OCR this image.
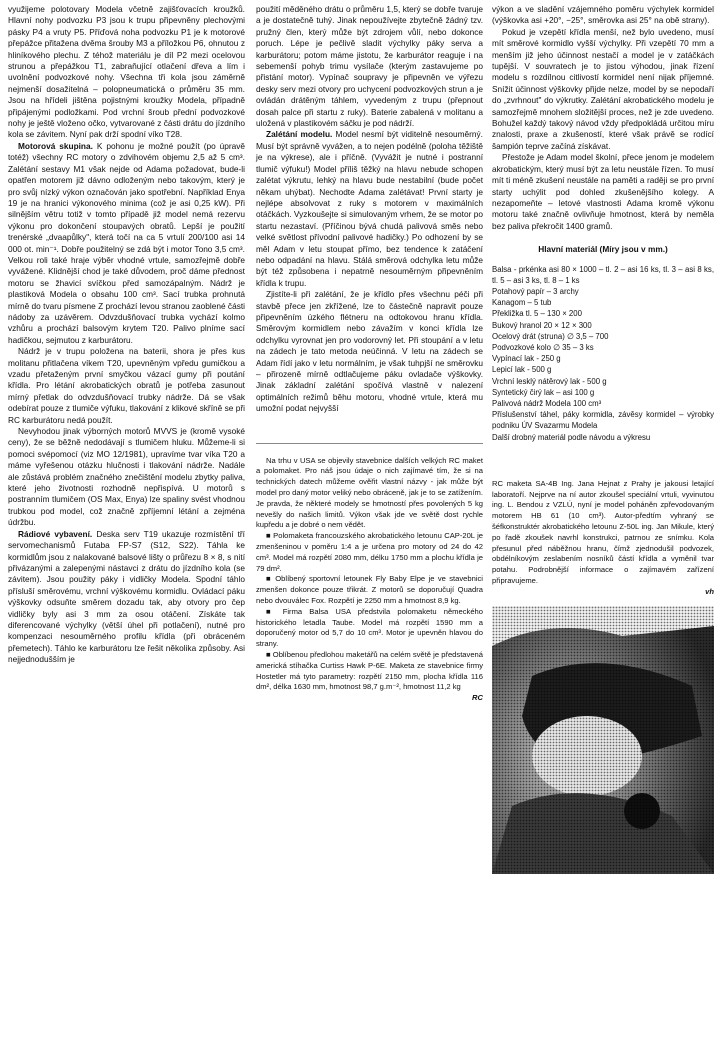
využijeme polotovary Modela včetně zajišťovacích kroužků. Hlavní nohy podvozku P3 jsou k trupu připevněny plechovými pásky P4 a vruty P5. Příďová noha podvozku P1 je k motorové přepážce přitažena dvěma šrouby M3 a příložkou P6, ohnutou z hliníkového plechu. Z téhož materiálu je díl P2 mezi ocelovou strunou a přepážkou T1, zabraňující otlačení dřeva a lím i uvolnění podvozkové nohy. Všechna tři kola jsou záměrně nejmenší dosažitelná – polopneumatická o průměru 35 mm. Jsou na hřídeli jištěna pojistnými kroužky Modela, případně připájenými podložkami. Pod vrchní šroub přední podvozkové nohy je ještě vloženo očko, vytvarované z části drátu do jízdního kola se závitem. Nyní pak drží spodní víko T28.

Motorová skupina. K pohonu je možné použít (po úpravě totéž) všechny RC motory o zdvihovém objemu 2,5 až 5 cm³. Zalétání sestavy M1 však nejde od Adama požadovat, bude-li opatřen motorem již dávno odloženým nebo takovým, který je pro svůj nízký výkon označován jako spotřební. Například Enya 19 je na hranici výkonového minima (což je asi 0,25 kW). Při silnějším větru totiž v tomto případě již model nemá rezervu výkonu pro dokončení stoupavých obratů. Lepší je použití trenérské „dvaapůlky", která točí na ca 5 vrtulí 200/100 asi 14 000 ot. min⁻¹. Dobře použitelný se zdá být i motor Tono 3,5 cm³. Velkou roli také hraje výběr vhodné vrtule, samozřejmě dobře vyvážené. Klidnější chod je také důvodem, proč dáme přednost motoru se žhavicí svíčkou před samozápalným. Nádrž je plastiková Modela o obsahu 100 cm³. Sací trubka prohnutá mírně do tvaru písmene Z prochází levou stranou zaoblené části nádoby za uzávěrem. Odvzdušňovací trubka vychází kolmo vzhůru a prochází balsovým krytem T20. Palivo plníme sací hadičkou, sejmutou z karburátoru.

Nádrž je v trupu položena na baterii, shora je přes kus molitanu přitlačena víkem T20, upevněným vpředu gumičkou a vzadu přetaženým první smyčkou vázací gumy při poutání křídla. Pro létání akrobatických obratů je potřeba zasunout mírný přetlak do odvzdušňovací trubky nádrže. Dá se však odebírat pouze z tlumiče výfuku, tlakování z klikové skříně se při RC karburátoru nedá použít.

Nevyhodou jinak výborných motorů MVVS je (kromě vysoké ceny), že se běžně nedodávají s tlumičem hluku. Můžeme-li si pomoci svépomocí (viz MO 12/1981), upravíme tvar víka T20 a máme vyřešenou otázku hlučnosti i tlakování nádrže. Nadále ale zůstává problém značného znečištění modelu zbytky paliva, které jeho životnosti rozhodně nepřispívá. U motorů s postranním tlumičem (OS Max, Enya) lze spaliny svést vhodnou trubkou pod model, což značně zpříjemní létání a zejména údržbu.

Rádiové vybavení. Deska serv T19 ukazuje rozmístění tří servomechanismů Futaba FP-S7 (S12, S22). Táhla ke kormidlům jsou z nalakované balsové lišty o průřezu 8 × 8, s nití přivázanými a zalepenými nástavci z drátu do jízdního kola (se závitem). Jsou použity páky i vidličky Modela. Spodní táhlo přísluší směrovému, vrchní výškovému kormidlu. Ovládací páku výškovky odsuňte směrem dozadu tak, aby otvory pro čep vidličky byly asi 3 mm za osou otáčení. Získáte tak diferencované výchylky (větší úhel při potlačení), nutné pro kompenzaci nesouměrného profilu křídla (při obráceném přemetech). Táhlo ke karburátoru lze řešit několika způsoby. Asi nejjednodušším je

použití měděného drátu o průměru 1,5, který se dobře tvaruje a je dostatečně tuhý. Jinak nepoužívejte zbytečně žádný tzv. pružný člen, který může být zdrojem vůlí, nebo dokonce poruch. Lépe je pečlivě sladit výchylky páky serva a karburátoru; potom máme jistotu, že karburátor reaguje i na sebemenší pohyb trimu vysílače (kterým zastavujeme po přistání motor). Vypínač soupravy je připevněn ve výřezu desky serv mezi otvory pro uchycení podvozkových strun a je ovládán drátěným táhlem, vyvedeným z trupu (přepnout dosah palce při startu z ruky). Baterie zabalená v molitanu a uložená v plastikovém sáčku je pod nádrží.

Zalétání modelu. Model nesmí být viditelně nesouměrný. Musí být správně vyvážen, a to nejen podélně (poloha těžiště je na výkrese), ale i příčně. (Vyvážit je nutné i postranní tlumič výfuku!) Model příliš těžký na hlavu nebude schopen zalétat výkrutu, lehký na hlavu bude nestabilní (bude počet někam uhýbat). Nechodte Adama zalétávat! První starty je nejlépe absolvovat z ruky s motorem v maximálních otáčkách. Vyzkoušejte si simulovaným vrhem, že se motor po startu nezastaví. (Příčinou bývá chudá palivová směs nebo velké světlost přívodní palivové hadičky.) Po odhození by se měl Adam v letu stoupat přímo, bez tendence k zatáčení nebo odpadání na hlavu. Stálá směrová odchylka letu může být též způsobena i nepatrně nesouměrným připevněním křídla k trupu.

Zjistíte-li při zalétání, že je křídlo přes všechnu péči při stavbě přece jen zkřížené, lze to částečně napravit pouze připevněním úzkého flétneru na odtokovou hranu křídla. Směrovým kormidlem nebo závažím v konci křídla lze odchylku vyrovnat jen pro vodorovný let. Při stoupání a v letu na zádech je tato metoda neúčinná. V letu na zádech se Adam řídí jako v letu normálním, je však tuhpjší ne směrovku – přirozeně mírně odtlačujeme páku ovladače výškovky. Jinak základní zalétání spočívá vlastně v nalezení optimálních režimů běhu motoru, vhodné vrtule, která mu umožní podat nejvyšší

Na trhu v USA se objevily stavebnice dalších velkých RC maket a polomaket. Pro náš jsou údaje o nich zajímavé tím, že si na technických datech můžeme ověřit vlastní názvy - jak může být model pro daný motor veliký nebo obráceně, jak je to se zatížením. Je pravda, že některé modely se hmotností přes povolených 5 kg nevešly do našich limitů. Výkon však jde ve světě dost rychle kupředu a je dobré o nem vědět.

■ Polomaketa francouzského akrobatického letounu CAP-20L je zmenšeninou v poměru 1:4 a je určena pro motory od 24 do 42 cm³. Model má rozpětí 2080 mm, délku 1750 mm a plochu křídla je 79 dm².

■ Oblíbený sportovní letounek Fly Baby Elpe je ve stavebnici zmenšen dokonce pouze třikrát. Z motorů se doporučují Quadra nebo dvouválec Fox. Rozpětí je 2250 mm a hmotnost 8,9 kg.

■ Firma Balsa USA předstvila polomaketu německého historického letadla Taube. Model má rozpětí 1590 mm a doporučený motor od 5,7 do 10 cm³. Motor je upevněn hlavou do strany.

■ Oblíbenou předlohou maketářů na celém světě je představená americká stíhačka Curtiss Hawk P-6E. Maketa ze stavebnice firmy Hostetler má tyto parametry: rozpětí 2150 mm, plocha křídla 116 dm², délka 1630 mm, hmotnost 98,7 g.m⁻², hmotnost 11,2 kg

RC

výkon a ve sladění vzájemného poměru výchylek kormidel (výškovka asi +20°, −25°, směrovka asi 25° na obě strany).

Pokud je vzepětí křídla menší, než bylo uvedeno, musí mít směrové kormidlo vyšší výchylky. Při vzepětí 70 mm a menším již jeho účinnost nestačí a model je v zatáčkách tupější. V souvratech je to jistou výhodou, jinak řízení modelu s rozdílnou citlivostí kormidel není nijak příjemné. Snížit účinnost výškovky přijde nelze, model by se nepodaří do „zvrhnout" do výkrutky. Zalétání akrobatického modelu je samozřejmě mnohem složitější proces, než je zde uvedeno. Bohužel každý takový návod vždy předpokládá určitou míru znalosti, praxe a zkušeností, které však právě se rodící šampión teprve začíná získávat.

Přestože je Adam model školní, přece jenom je modelem akrobatickým, který musí být za letu neustále řízen. To musí mít ti méně zkušení neustále na paměti a raději se pro první starty uchýlit pod dohled zkušenějšího kolegy. A nezapomeňte – letové vlastnosti Adama kromě výkonu motoru také značně ovlivňuje hmotnost, která by neměla bez paliva překročit 1400 gramů.

Hlavní materiál (Míry jsou v mm.)
Balsa - prkénka asi 80 × 1000 – tl. 2 – asi 16 ks, tl. 3 – asi 8 ks, tl. 5 – asi 3 ks, tl. 8 – 1 ks
Potahový papír – 3 archy
Kanagom – 5 tub
Překližka tl. 5 – 130 × 200
Bukový hranol 20 × 12 × 300
Ocelový drát (struna) ∅ 3,5 – 700
Podvozkové kolo ∅ 35 – 3 ks
Vypínací lak - 250 g
Lepicí lak - 500 g
Vrchní lesklý nátěrový lak - 500 g
Syntetický čirý lak – asi 100 g
Palivová nádrž Modela 100 cm³
Příslušenství táhel, páky kormidla, závěsy kormidel – výrobky podniku ÚV Svazarmu Modela
Další drobný materiál podle návodu a výkresu
RC maketa SA-4B Ing. Jana Hejnat z Prahy je jakousi letající laboratoří. Nejprve na ní autor zkoušel speciální vrtuli, vyvinutou ing. L. Bendou z VZLÚ, nyní je model poháněn zpřevodovaným motorem HB 61 (10 cm³). Autor-předtím vyhraný se šéfkonstruktér akrobatického letounu Z-50L ing. Jan Mikule, který po řadě zkoušek navrhl konstrukci, patrnou ze snímku. Kola přesunul před náběžnou hranu, čímž zjednodušil podvozek, obdélníkovým zeslabením nosníků částí křídla a vyměnil tvar potahu. Podrobnější informace o zajímavém zařízení připravujeme.
vh
